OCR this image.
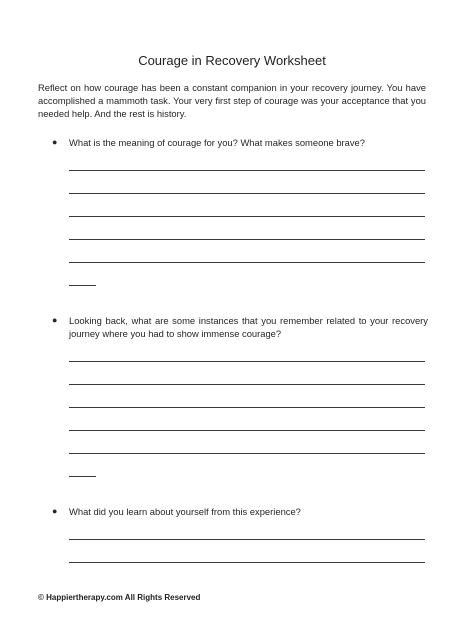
Courage in Recovery Worksheet
Reflect on how courage has been a constant companion in your recovery journey. You have accomplished a mammoth task. Your very first step of courage was your acceptance that you needed help. And the rest is history.
● What is the meaning of courage for you? What makes someone brave?
● Looking back, what are some instances that you remember related to your recovery journey where you had to show immense courage?
● What did you learn about yourself from this experience?
© Happiertherapy.com All Rights Reserved
